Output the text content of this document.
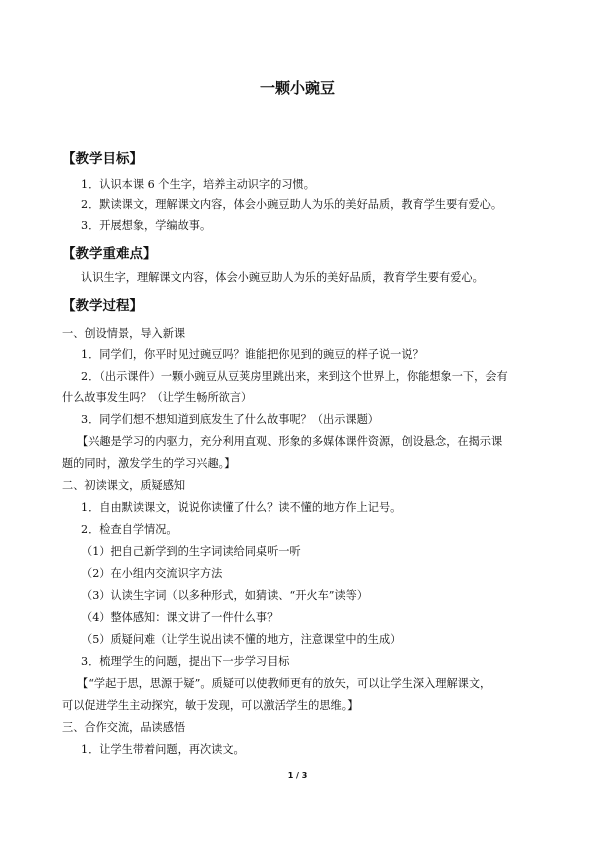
一颗小豌豆
【教学目标】
1．认识本课 6 个生字，培养主动识字的习惯。
2．默读课文，理解课文内容，体会小豌豆助人为乐的美好品质，教育学生要有爱心。
3．开展想象，学编故事。
【教学重难点】
认识生字，理解课文内容，体会小豌豆助人为乐的美好品质，教育学生要有爱心。
【教学过程】
一、创设情景，导入新课
1．同学们，你平时见过豌豆吗？谁能把你见到的豌豆的样子说一说？
2．（出示课件）一颗小豌豆从豆荚房里跳出来，来到这个世界上，你能想象一下，会有
什么故事发生吗？（让学生畅所欲言）
3．同学们想不想知道到底发生了什么故事呢？（出示课题）
【兴趣是学习的内驱力，充分利用直观、形象的多媒体课件资源，创设悬念，在揭示课
题的同时，激发学生的学习兴趣。】
二、初读课文，质疑感知
1．自由默读课文，说说你读懂了什么？读不懂的地方作上记号。
2．检查自学情况。
（1）把自己新学到的生字词读给同桌听一听
（2）在小组内交流识字方法
（3）认读生字词（以多种形式，如猜读、“开火车”读等）
（4）整体感知：课文讲了一件什么事？
（5）质疑问难（让学生说出读不懂的地方，注意课堂中的生成）
3．梳理学生的问题，提出下一步学习目标
【“学起于思，思源于疑”。质疑可以使教师更有的放矢，可以让学生深入理解课文，
可以促进学生主动探究，敏于发现，可以激活学生的思维。】
三、合作交流，品读感悟
1．让学生带着问题，再次读文。
1 / 3
